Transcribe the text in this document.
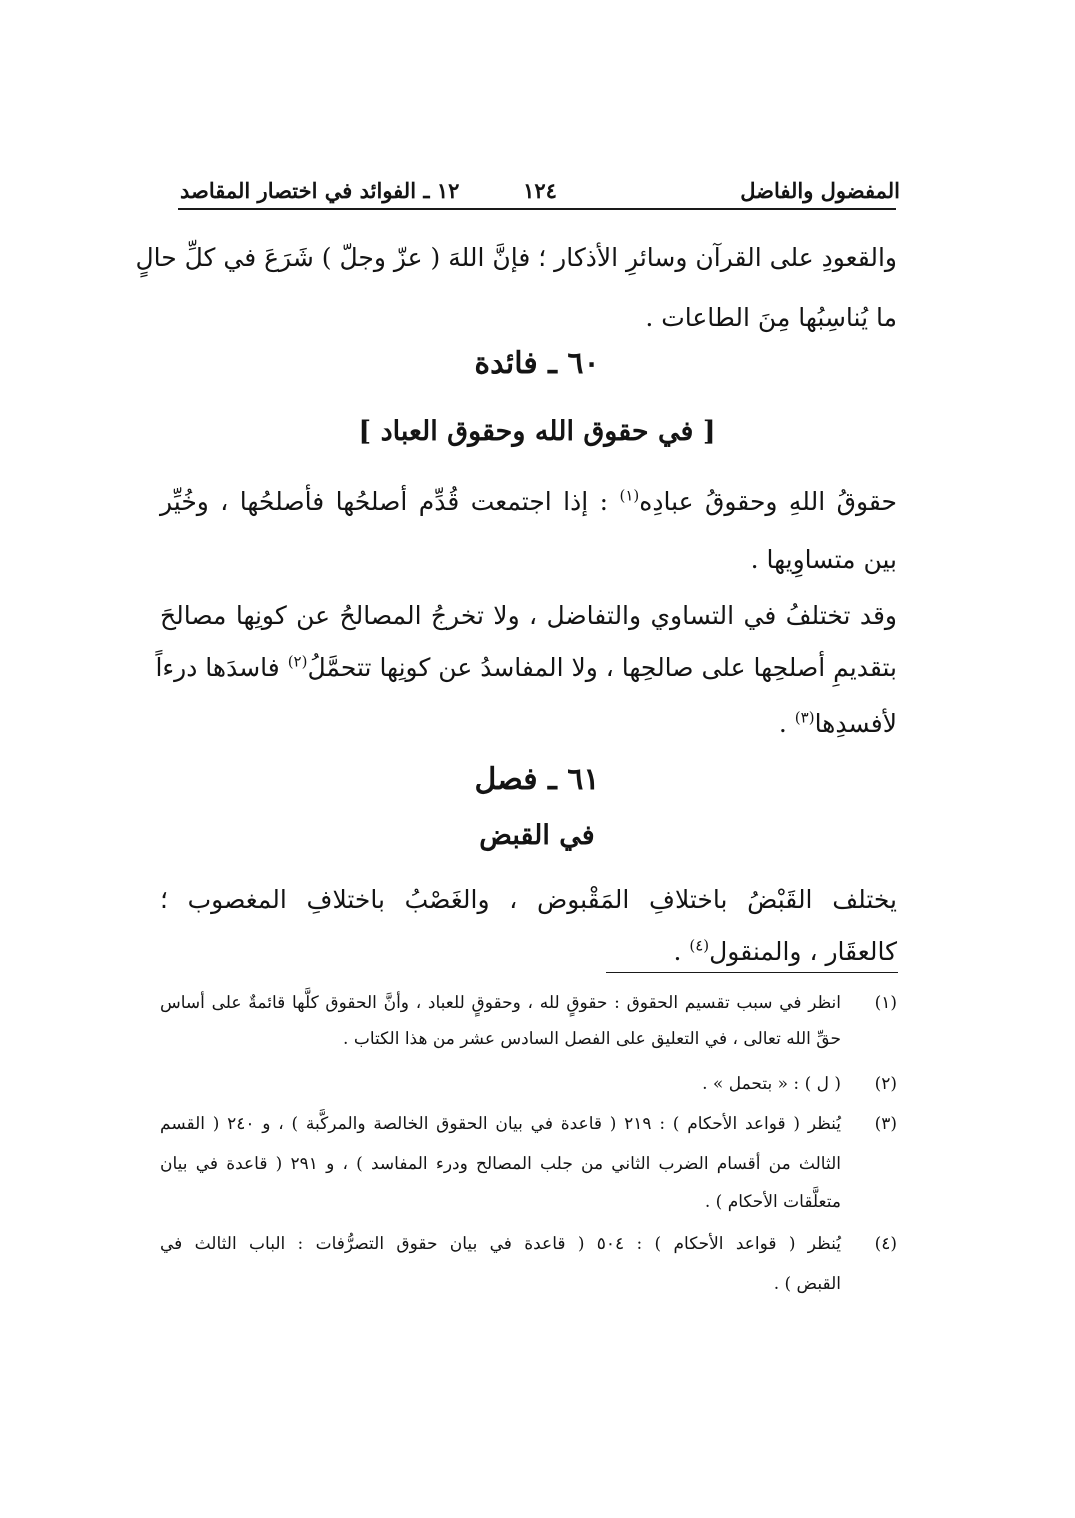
المفضول والفاضل
١٢٤
١٢ ـ الفوائد في اختصار المقاصد
والقعودِ على القرآن وسائرِ الأذكار ؛ فإنَّ اللهَ ( عزّ وجلّ ) شَرَعَ في كلِّ حالٍ
ما يُناسِبُها مِنَ الطاعات .
٦٠ ـ فائدة
[ في حقوق الله وحقوق العباد ]
حقوقُ اللهِ وحقوقُ عبادِه$^{(١)}$ : إذا اجتمعت قُدِّم أصلحُها فأصلحُها ، وخُيِّر
بين متساوِيها .
وقد تختلفُ في التساوي والتفاضل ، ولا تخرجُ المصالحُ عن كونِها مصالحَ
بتقديمِ أصلحِها على صالحِها ، ولا المفاسدُ عن كونِها تتحمَّلُ$^{(٢)}$ فاسدَها درءاً
لأفسدِها$^{(٣)}$ .
٦١ ـ فصل
في القبض
يختلف القَبْضُ باختلافِ المَقْبوض ، والغَصْبُ باختلافِ المغصوب ؛
كالعقَار ، والمنقول$^{(٤)}$ .
(١)
انظر في سبب تقسيم الحقوق : حقوقٍ لله ، وحقوقٍ للعباد ، وأنَّ الحقوق كلَّها قائمةٌ على أساس
حقِّ الله تعالى ، في التعليق على الفصل السادس عشر من هذا الكتاب .
(٢)
( ل ) : « بتحمل » .
(٣)
يُنظر ( قواعد الأحكام ) : ٢١٩ ( قاعدة في بيان الحقوق الخالصة والمركَّبة ) ، و ٢٤٠ ( القسم
الثالث من أقسام الضرب الثاني من جلب المصالح ودرء المفاسد ) ، و ٢٩١ ( قاعدة في بيان
متعلَّقات الأحكام ) .
(٤)
يُنظر ( قواعد الأحكام ) : ٥٠٤ ( قاعدة في بيان حقوق التصرُّفات : الباب الثالث في
القبض ) .
